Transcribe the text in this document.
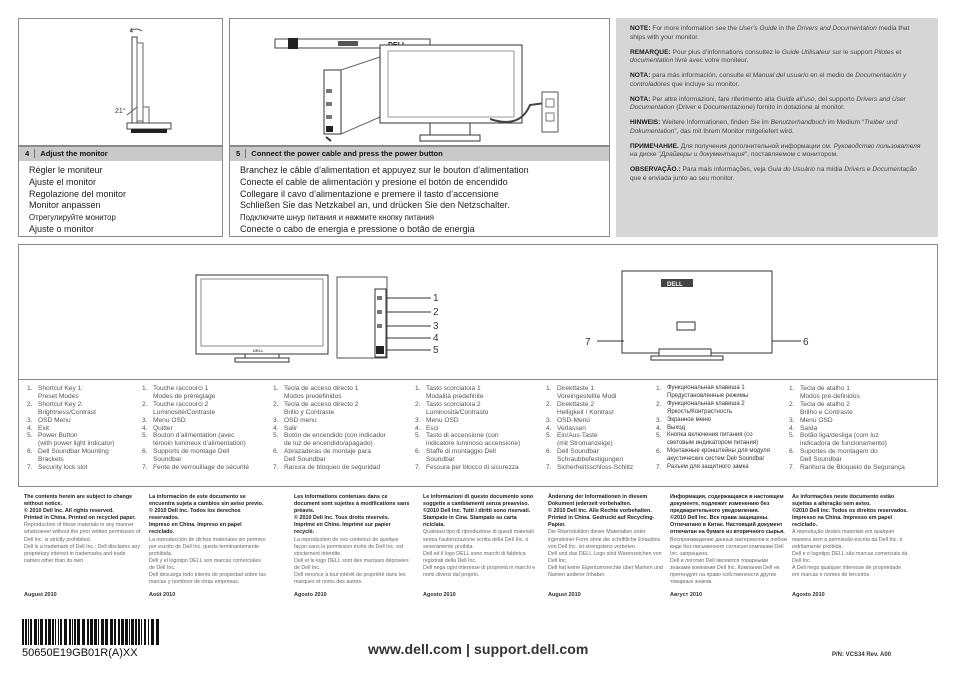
21°
4 Adjust the monitor
Régler le moniteur
Ajuste el monitor
Regolazione del monitor
Monitor anpassen
Отрегулируйте монитор
Ajuste o monitor
5 Connect the power cable and press the power button
Branchez le câble d’alimentation et appuyez sur le bouton d’alimentation
Conecte el cable de alimentación y presione el botón de encendido
Collegare il cavo d’alimentazione e premere il tasto d’accensione
Schließen Sie das Netzkabel an, und drücken Sie den Netzschalter.
Подключите шнур питания и нажмите кнопку питания
Conecte o cabo de energia e pressione o botão de energia

NOTE: For more information see the User’s Guide in the Drivers and Documentation media that ships with your monitor.

REMARQUE: Pour plus d’informations consultez le Guide Utilisateur sur le support Pilotes et documentation livré avec votre moniteur.

NOTA: para más información, consulte el Manual del usuario en el medio de Documentación y controladores que incluye su monitor.

NOTA: Per altre informazioni, fare riferimento alla Guida all’uso, del supporto Drivers and User Documentation (Driver e Documentazione) fornito in dotazione al monitor.

HINWEIS: Weitere Informationen, finden Sie im Benutzerhandbuch im Medium “Treiber und Dokumentation”, das mit Ihrem Monitor mitgeliefert wird.

ПРИМЕЧАНИЕ. Для получения дополнительной информации см. Руководство пользователя на диске "Драйверы и документация", поставляемом с монитором.

OBSERVAÇÃO.: Para mais informações, veja Guia do Usuário na mídia Drivers e Documentação que é enviada junto ao seu monitor.

DELL
1
2
3
4
5
DELL
7	6
1. Shortcut Key 1:
Preset Modes
2. Shortcut Key 2:
Brightness/Contrast
3. OSD Menu
4. Exit
5. Power Button
(with power light indicator)
6. Dell Soundbar Mounting
Brackets
7. Security lock slot
1. Touche raccourci 1
Modes de préréglage
2. Touche raccourci 2
Luminosité/Contraste
3. Menu OSD
4. Quitter
5. Bouton d’alimentation (avec
témoin lumineux d’alimentation)
6. Supports de montage Dell
Soundbar
7. Fente de verrouillage de sécurité
1. Tecla de acceso directo 1
Modos predefinidos
2. Tecla de acceso directo 2
Brillo y Contraste
3. OSD menu
4. Salir
5. Botón de encendido (con indicador
de luz de encendido/apagado)
6. Abrazaderas de montaje para
Dell Soundbar
7. Ranura de bloqueo de seguridad
1. Tasto scorciatoia 1
Modalità predefinite
2. Tasto scorciatoia 2
Luminosità/Contrasto
3. Menu OSD
4. Esci
5. Tasto di accensione (con
indicatore luminoso accensione)
6. Staffe di montaggio Dell
Soundbar
7. Fessura per blocco di sicurezza
1. Direkttaste 1
Voreingestellte Modi
2. Direkttaste 2
Helligkeit / Kontrast
3. OSD-Menü
4. Verlassen
5. Ein/Aus-Taste
(mit Stromanzeige)
6. Dell Soundbar
Schraubbefestigungen
7. Sicherheitsschloss-Schlitz
1. Функциональная клавиша 1
Предустановленные режимы
2. Функциональная клавиша 2
Яркость/Контрастность
3. Экранное меню
4. Выход
5. Кнопка включения питания (со
световым индикатором питания)
6. Монтажные кронштейны для модуля
акустических систем Dell Soundbar
7. Разъем для защитного замка
1. Tecla de atalho 1
Modos pré-definidos
2. Tecla de atalho 2
Brilho e Contraste
3. Menu OSD
4. Saída
5. Botão liga/desliga (com luz
indicadora de funcionamento)
6. Suportes de montagem do
Dell Soundbar
7. Ranhura de Bloqueio de Segurança
The contents herein are subject to change without notice.
© 2010 Dell Inc. All rights reserved.
Printed in China. Printed on recycled paper.
Reproduction of these materials in any manner whatsoever without the prior written permission of Dell Inc. is strictly prohibited.
Dell is a trademark of Dell Inc.; Dell disclaims any proprietary interest in trademarks and trade names other than its own.
August 2010
La información de este documento se encuentra sujeta a cambios sin aviso previo.
© 2010 Dell Inc. Todos los derechos reservados.
Impreso en China. Impreso en papel reciclado.
La reproducción de dichos materiales sin permiso por escrito de Dell Inc. queda terminantemente prohibida.
Dell y el logotipo DELL son marcas comerciales de Dell Inc.
Dell descarga todo interés de propiedad sobre las marcas y nombres de otras empresas.
Août 2010
Les informations contenues dans ce document sont sujettes à modifications sans préavis.
© 2010 Dell Inc. Tous droits réservés.
Imprimé en Chine. Imprimé sur papier recyclé.
La reproduction de ces contenus de quelque façon sans la permission écrite de Dell Inc. est strictement interdite.
Dell et le logo DELL sont des marques déposées de Dell Inc.
Dell renonce à tout intérêt de propriété dans les marques et noms des autres.
Agosto 2010
Le informazioni di questo documento sono soggette a cambiamenti senza preavviso.
©2010 Dell Inc. Tutti i diritti sono riservati.
Stampato in Cina. Stampato su carta riciclata.
Qualsiasi tipo di riproduzione di questi materiali senza l’autorizzazione scritta della Dell Inc. è severamente proibita.
Dell ed il logo DELL sono marchi di fabbrica registrati della Dell Inc.
Dell nega ogni interesse di proprietà in marchi e nomi diversi dal proprio.
Agosto 2010
Änderung der Informationen in diesem Dokument jederzeit vorbehalten.
© 2010 Dell Inc. Alle Rechte vorbehalten.
Printed in China. Gedruckt auf Recycling-Papier.
Die Reproduktion dieser Materialien unter irgendeiner Form ohne die schriftliche Erlaubnis von Dell Inc. ist strengstens verboten.
Dell und das DELL Logo sind Warenzeichen von Dell Inc.
Dell hat keine Eigentumsrechte über Marken und Namen anderer Inhaber.
August 2010
Информация, содержащаяся в настоящем документе, подлежит изменению без предварительного уведомления.
©2010 Dell Inc. Все права защищены. Отпечатано в Китае. Настоящий документ отпечатан на бумаге из вторичного сырья.
Воспроизведение данных материалов в любом виде без письменного согласия компании Dell Inc. запрещено.
Dell и логотип Dell являются товарными знаками компании Dell Inc. Компания Dell не претендует на право собственности других товарных знаков.
Август 2010
As informações neste documento estão sujeitas a alteração sem aviso.
©2010 Dell Inc. Todos os direitos reservados.
Impresso na China. Impresso em papel reciclado.
A reprodução destes materiais em qualquer maneira sem a permissão escrita da Dell Inc. é estritamente proibida.
Dell e o logotipo DELL são marcas comerciais da Dell Inc.
A Dell nega qualquer interesse de propriedade em marcas e nomes de terceiros.
Agosto 2010
50650E19GB01R(A)XX	www.dell.com | support.dell.com	P/N: VCS34 Rev. A00
